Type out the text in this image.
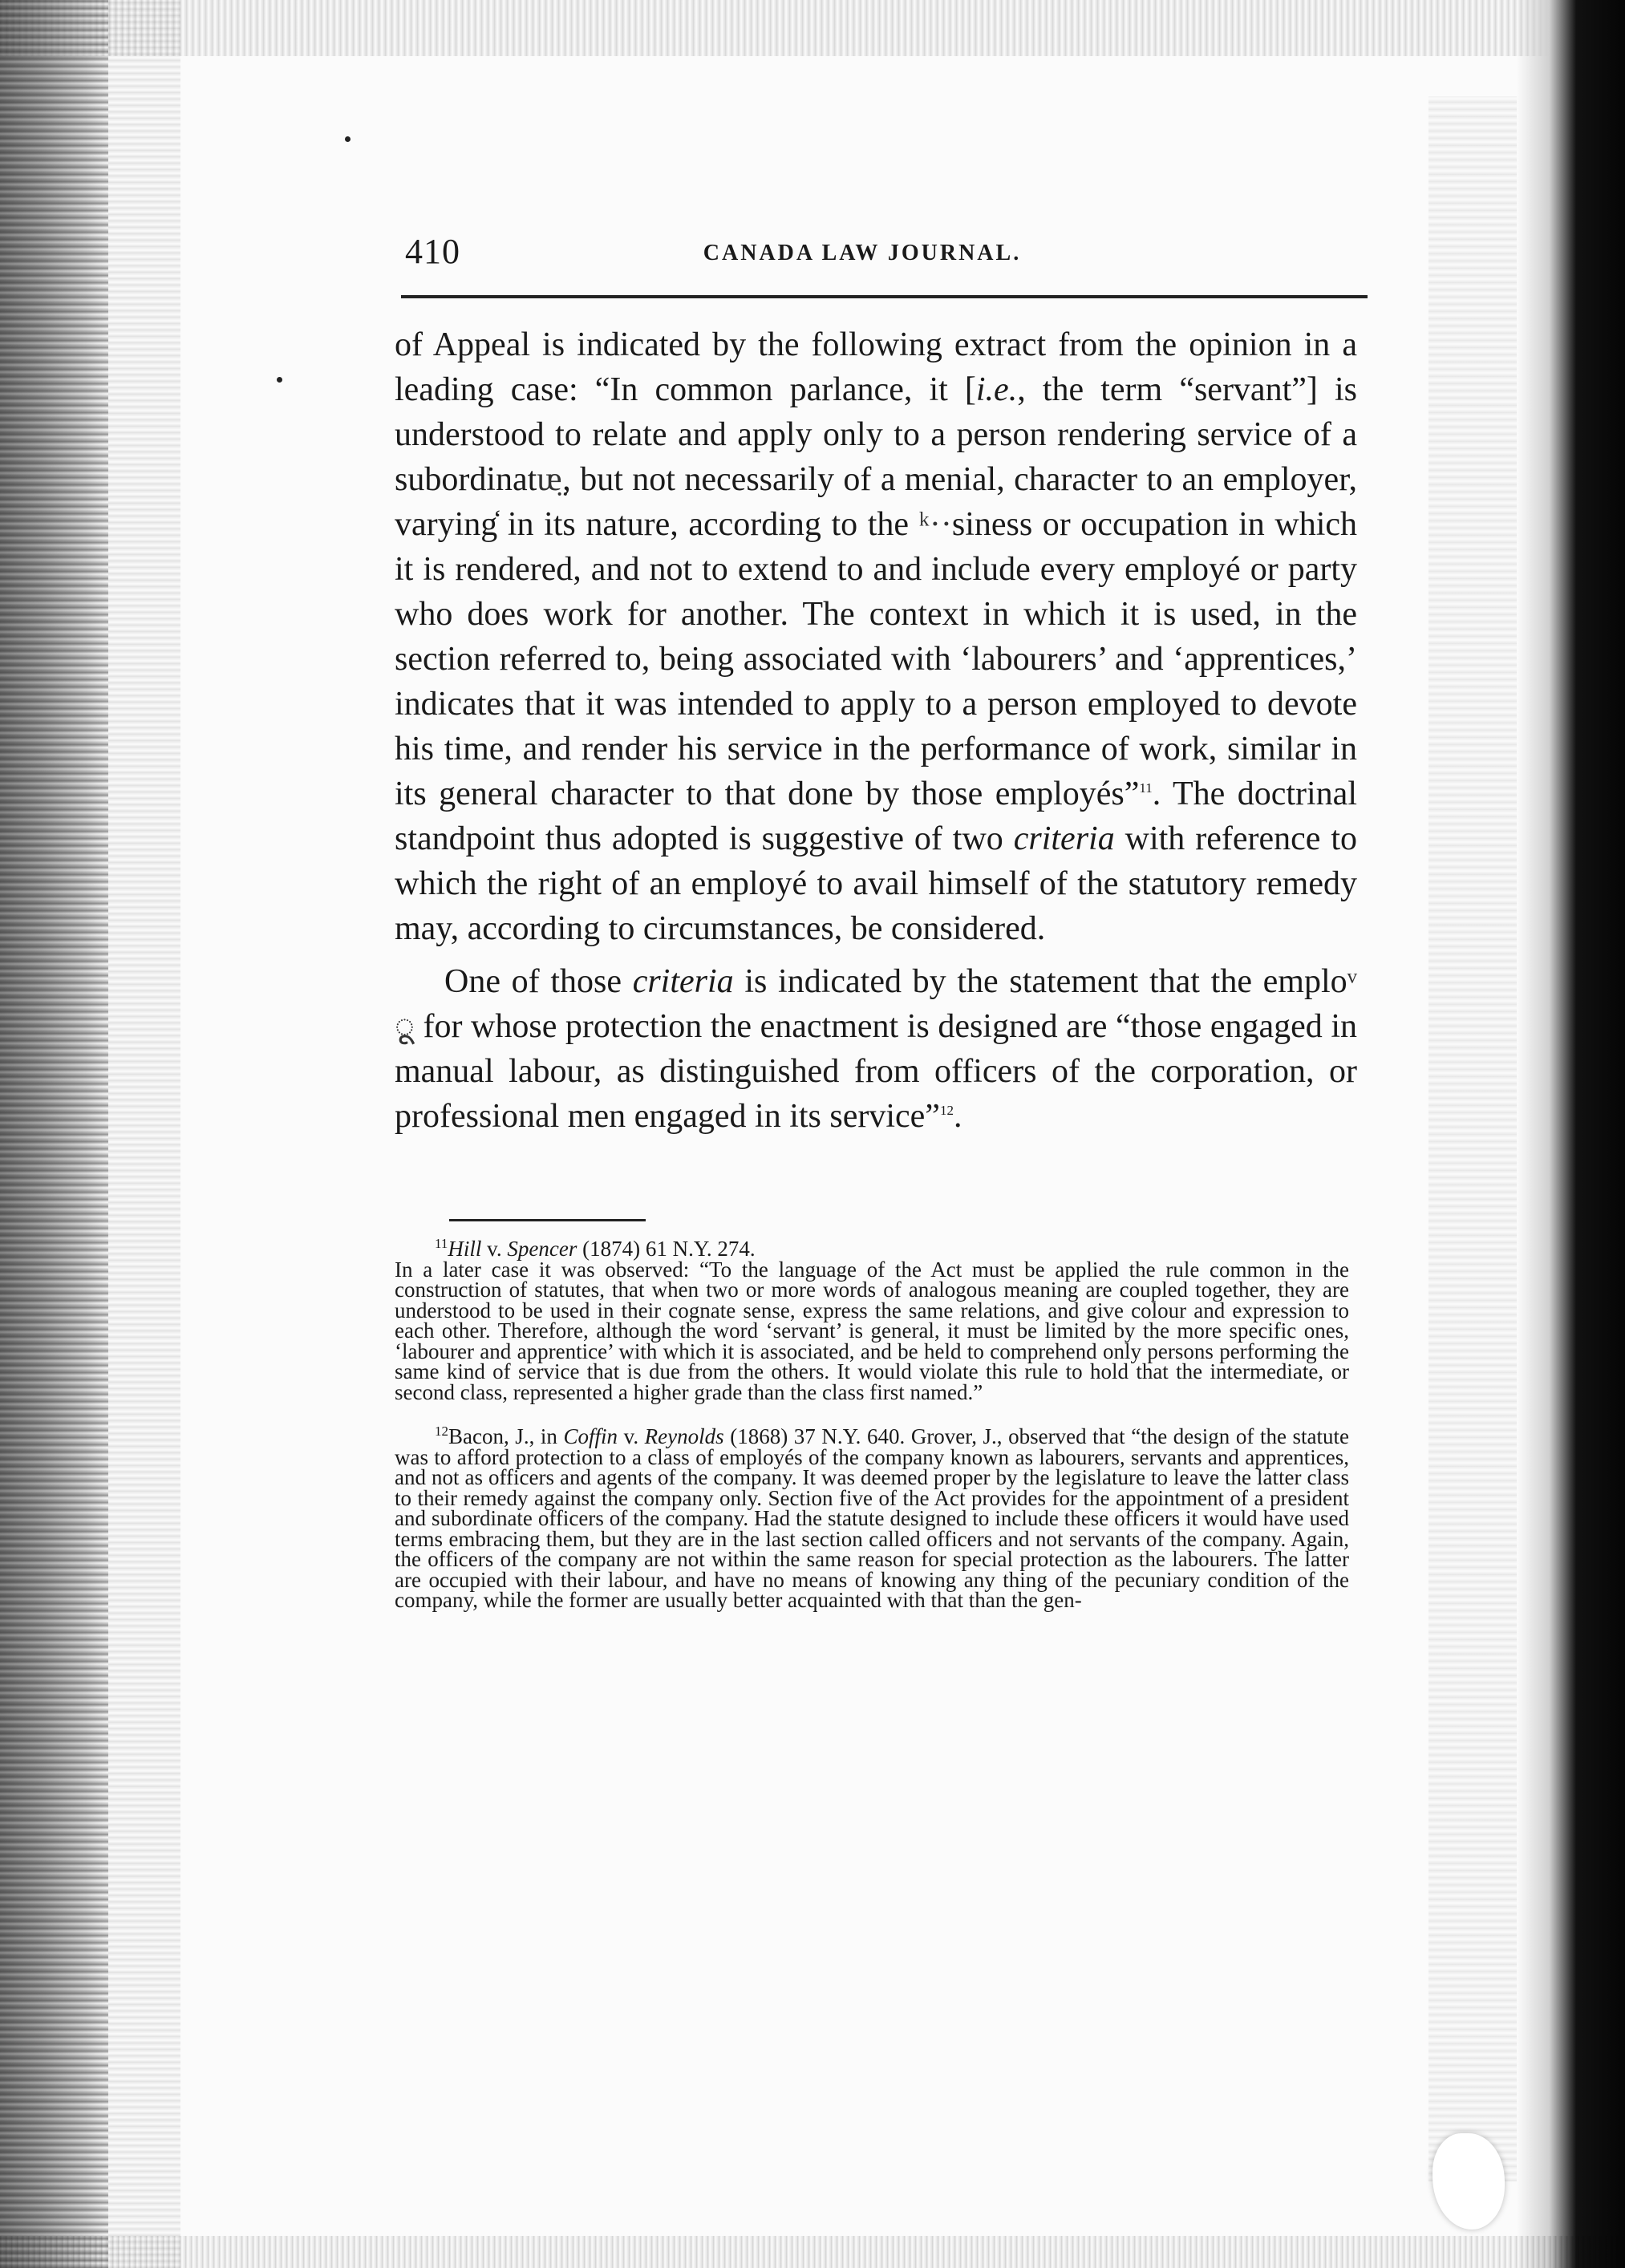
410	CANADA LAW JOURNAL.

of Appeal is indicated by the following extract from the opinion in a leading case: “In common parlance, it [i.e., the term “servant”] is understood to relate and apply only to a person rendering service of a subordinatᵫ̤, but not necessarily of a menial, character to an employer, varying in its nature, according to the ᵏ··siness or occupation in which it is rendered, and not to extend to and include every employé or party who does work for another. The context in which it is used, in the section referred to, being associated with ‘labourers’ and ‘apprentices,’ indicates that it was intended to apply to a person employed to devote his time, and render his service in the performance of work, similar in its general character to that done by those employés”$^{11}$. The doctrinal standpoint thus adopted is suggestive of two criteria with reference to which the right of an employé to avail himself of the statutory remedy may, according to circumstances, be considered.

One of those criteria is indicated by the statement that the emploᵛ ू for whose protection the enactment is designed are “those engaged in manual labour, as distinguished from officers of the corporation, or professional men engaged in its service”$^{12}$.

$^{11}$Hill v. Spencer (1874) 61 N.Y. 274.

In a later case it was observed: “To the language of the Act must be applied the rule common in the construction of statutes, that when two or more words of analogous meaning are coupled together, they are understood to be used in their cognate sense, express the same relations, and give colour and expression to each other. Therefore, although the word ‘servant’ is general, it must be limited by the more specific ones, ‘labourer and apprentice’ with which it is associated, and be held to comprehend only persons performing the same kind of service that is due from the others. It would violate this rule to hold that the intermediate, or second class, represented a higher grade than the class first named.”

$^{12}$Bacon, J., in Coffin v. Reynolds (1868) 37 N.Y. 640. Grover, J., observed that “the design of the statute was to afford protection to a class of employés of the company known as labourers, servants and apprentices, and not as officers and agents of the company. It was deemed proper by the legislature to leave the latter class to their remedy against the company only. Section five of the Act provides for the appointment of a president and subordinate officers of the company. Had the statute designed to include these officers it would have used terms embracing them, but they are in the last section called officers and not servants of the company. Again, the officers of the company are not within the same reason for special protection as the labourers. The latter are occupied with their labour, and have no means of knowing any thing of the pecuniary condition of the company, while the former are usually better acquainted with that than the gen-
